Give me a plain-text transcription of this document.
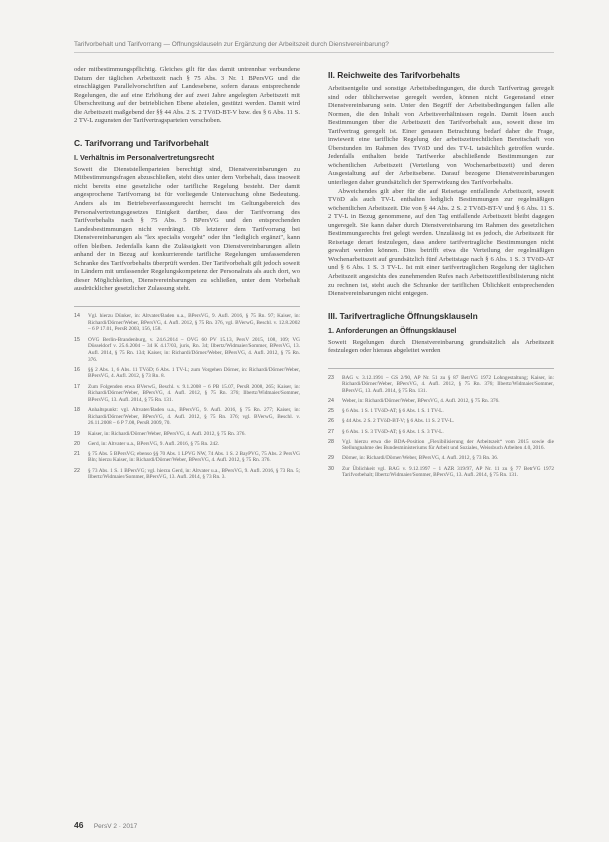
Tarifvorbehalt und Tarifvorrang — Öffnungsklauseln zur Ergänzung der Arbeitszeit durch Dienstvereinbarung?

oder mitbestimmungspflichtig. Gleiches gilt für das damit untrennbar verbundene Datum der täglichen Arbeitszeit nach § 75 Abs. 3 Nr. 1 BPersVG und die einschlägigen Parallelvorschriften auf Landesebene, sofern daraus entsprechende Regelungen, die auf eine Erhöhung der auf zwei Jahre angelegten Arbeitszeit mit Überschreitung auf der betrieblichen Ebene abzielen, gestützt werden. Damit wird die Arbeitszeit maßgebend der §§ 44 Abs. 2 S. 2 TVöD-BT-V bzw. des § 6 Abs. 11 S. 2 TV-L zugunsten der Tarifvertragsparteien verschoben.

C. Tarifvorrang und Tarifvorbehalt
I. Verhältnis im Personalvertretungsrecht

Soweit die Dienststellenparteien berechtigt sind, Dienstvereinbarungen zu Mitbestimmungsfragen abzuschließen, steht dies unter dem Vorbehalt, dass insoweit nicht bereits eine gesetzliche oder tarifliche Regelung besteht. Der damit angesprochene Tarifvorrang ist für vorliegende Untersuchung ohne Bedeutung. Anders als im Betriebsverfassungsrecht herrscht im Geltungsbereich des Personalvertretungsgesetzes Einigkeit darüber, dass der Tarifvorrang des Tarifvorbehalts nach § 75 Abs. 5 BPersVG und den entsprechenden Landesbestimmungen nicht verdrängt. Ob letzterer dem Tarifvorrang bei Dienstvereinbarungen als "lex specialis vorgeht" oder ihn "lediglich ergänzt", kann offen bleiben. Jedenfalls kann die Zulässigkeit von Dienstvereinbarungen allein anhand der in Bezug auf konkurrierende tarifliche Regelungen umfassenderen Schranke des Tarifvorbehalts überprüft werden. Der Tarifvorbehalt gilt jedoch soweit in Ländern mit umfassender Regelungskompetenz der Personalrats als auch dort, wo dieser Möglichkeiten, Dienstvereinbarungen zu schließen, unter dem Vorbehalt ausdrücklicher gesetzlicher Zulassung steht.

14	Vgl. hierzu Dünker, in: Altvater/Baden u.a., BPersVG, 9. Aufl. 2016, § 75 Rn. 97; Kaiser, in: Richardi/Dörner/Weber, BPersVG, 4. Aufl. 2012, § 75 Rn. 376, vgl. BVerwG, Beschl. v. 12.8.2002 – 6 P 17.01, PersR 2003, 156, 158.
15	OVG Berlin-Brandenburg, v. 24.6.2014 – OVG 60 PV 15.13, PersV 2015, 108, 109; VG Düsseldorf v. 25.6.2004 – 34 K 4.17/03, juris, Rn. 34; Ilbertz/Widmaier/Sommer, BPersVG, 13. Aufl. 2014, § 75 Rn. 134; Kaiser, in: Richardi/Dörner/Weber, BPersVG, 4. Aufl. 2012, § 75 Rn. 376.
16	§§ 2 Abs. 1, 6 Abs. 11 TVöD; 6 Abs. 1 TV-L; zum Vorgehen Dörner, in: Richardi/Dörner/Weber, BPersVG, 4. Aufl. 2012, § 73 Rn. 8.
17	Zum Folgenden etwa BVerwG, Beschl. v. 9.1.2008 – 6 PB 15.07, PersR 2008, 265; Kaiser, in: Richardi/Dörner/Weber, BPersVG, 4. Aufl. 2012, § 75 Rn. 376; Ilbertz/Widmaier/Sommer, BPersVG, 13. Aufl. 2014, § 75 Rn. 131.
18	Anhaltspunkt: vgl. Altvater/Baden u.a., BPersVG, 9. Aufl. 2016, § 75 Rn. 277; Kaiser, in: Richardi/Dörner/Weber, BPersVG, 4. Aufl. 2012, § 75 Rn. 376; vgl. BVerwG, Beschl. v. 26.11.2008 – 6 P 7.08, PersR 2009, 70.
19	Kaiser, in: Richardi/Dörner/Weber, BPersVG, 4. Aufl. 2012, § 75 Rn. 376.
20	Gerd, in: Altvater u.a., BPersVG, 9. Aufl. 2016, § 75 Rn. 242.
21	§ 75 Abs. 5 BPersVG; ebenso §§ 70 Abs. 1 LPVG NW, 74 Abs. 1 S. 2 BayPVG, 75 Abs. 2 PersVG Bln; hierzu Kaiser, in: Richardi/Dörner/Weber, BPersVG, 4. Aufl. 2012, § 75 Rn. 376.
22	§ 73 Abs. 1 S. 1 BPersVG; vgl. hierzu Gerd, in: Altvater u.a., BPersVG, 9. Aufl. 2016, § 73 Rn. 5; Ilbertz/Widmaier/Sommer, BPersVG, 13. Aufl. 2014, § 73 Rn. 3.
II. Reichweite des Tarifvorbehalts

Arbeitsentgelte und sonstige Arbeitsbedingungen, die durch Tarifvertrag geregelt sind oder üblicherweise geregelt werden, können nicht Gegenstand einer Dienstvereinbarung sein. Unter den Begriff der Arbeitsbedingungen fallen alle Normen, die den Inhalt von Arbeitsverhältnissen regeln. Damit lösen auch Bestimmungen über die Arbeitszeit den Tarifvorbehalt aus, soweit diese im Tarifvertrag geregelt ist. Einer genauen Betrachtung bedarf daher die Frage, inwieweit eine tarifliche Regelung der arbeitszeitrechtlichen Bereitschaft von Überstunden im Rahmen des TVöD und des TV-L tatsächlich getroffen wurde. Jedenfalls enthalten beide Tarifwerke abschließende Bestimmungen zur wöchentlichen Arbeitszeit (Verteilung von Wochenarbeitszeit) und deren Ausgestaltung auf der Arbeitsebene. Darauf bezogene Dienstvereinbarungen unterliegen daher grundsätzlich der Sperrwirkung des Tarifvorbehalts.

Abweichendes gilt aber für die auf Reisetage entfallende Arbeitszeit, soweit TVöD als auch TV-L enthalten lediglich Bestimmungen zur regelmäßigen wöchentlichen Arbeitszeit. Die von § 44 Abs. 2 S. 2 TVöD-BT-V und § 6 Abs. 11 S. 2 TV-L in Bezug genommene, auf den Tag entfallende Arbeitszeit bleibt dagegen ungeregelt. Sie kann daher durch Dienstvereinbarung im Rahmen des gesetzlichen Bestimmungsrechts frei gelegt werden. Unzulässig ist es jedoch, die Arbeitszeit für Reisetage derart festzulegen, dass andere tarifvertragliche Bestimmungen nicht gewahrt werden können. Dies betrifft etwa die Verteilung der regelmäßigen Wochenarbeitszeit auf grundsätzlich fünf Arbeitstage nach § 6 Abs. 1 S. 3 TVöD-AT und § 6 Abs. 1 S. 3 TV-L. Ist mit einer tarifvertraglichen Regelung der täglichen Arbeitszeit angesichts des zunehmenden Rufes nach Arbeitszeitflexibilisierung nicht zu rechnen ist, steht auch die Schranke der tariflichen Üblichkeit entsprechenden Dienstvereinbarungen nicht entgegen.

III. Tarifvertragliche Öffnungsklauseln
1. Anforderungen an Öffnungsklausel

Soweit Regelungen durch Dienstvereinbarung grundsätzlich als Arbeitszeit festzulegen oder hieraus abgeleitet werden

23	BAG v. 3.12.1991 – GS 2/90, AP Nr. 51 zu § 87 BetrVG 1972 Lohngestaltung; Kaiser, in: Richardi/Dörner/Weber, BPersVG, 4. Aufl. 2012, § 75 Rn. 376; Ilbertz/Widmaier/Sommer, BPersVG, 13. Aufl. 2014, § 75 Rn. 131.
24	Weber, in: Richardi/Dörner/Weber, BPersVG, 4. Aufl. 2012, § 75 Rn. 376.
25	§ 6 Abs. 1 S. 1 TVöD-AT; § 6 Abs. 1 S. 1 TV-L.
26	§ 44 Abs. 2 S. 2 TVöD-BT-V; § 6 Abs. 11 S. 2 TV-L.
27	§ 6 Abs. 1 S. 3 TVöD-AT; § 6 Abs. 1 S. 3 TV-L.
28	Vgl. hierzu etwa die BDA-Position „Flexibilisierung der Arbeitszeit“ vom 2015 sowie die Stellungnahme des Bundesministeriums für Arbeit und Soziales, Weissbuch Arbeiten 4.0, 2016.
29	Dörner, in: Richardi/Dörner/Weber, BPersVG, 4. Aufl. 2012, § 73 Rn. 36.
30	Zur Üblichkeit vgl. BAG v. 9.12.1997 – 1 AZR 319/97, AP Nr. 11 zu § 77 BetrVG 1972 Tarifvorbehalt; Ilbertz/Widmaier/Sommer, BPersVG, 13. Aufl. 2014, § 75 Rn. 131.
46 PersV 2 · 2017
